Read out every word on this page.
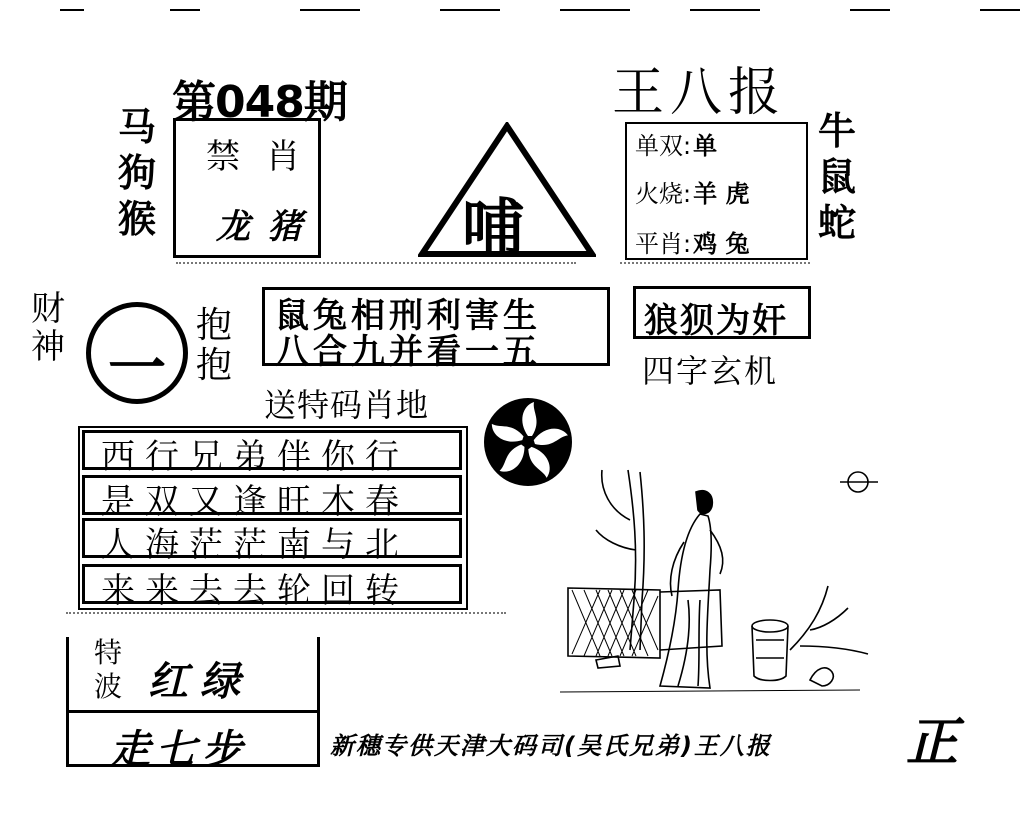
第048期
马
狗
猴
禁肖
龙猪 哺
王八报
单双:单
火烧:羊 虎
平肖:鸡 兔
牛
鼠
蛇
财
神 一
抱
抱
鼠兔相刑利害生
八合九并看一五
狼狈为奸
四字玄机
送特码肖地
西行兄弟伴你行
是双又逢旺木春
人海茫茫南与北
来来去去轮回转
特
波 红绿
走七步	新穗专供天津大码司(吴氏兄弟)王八报	正
